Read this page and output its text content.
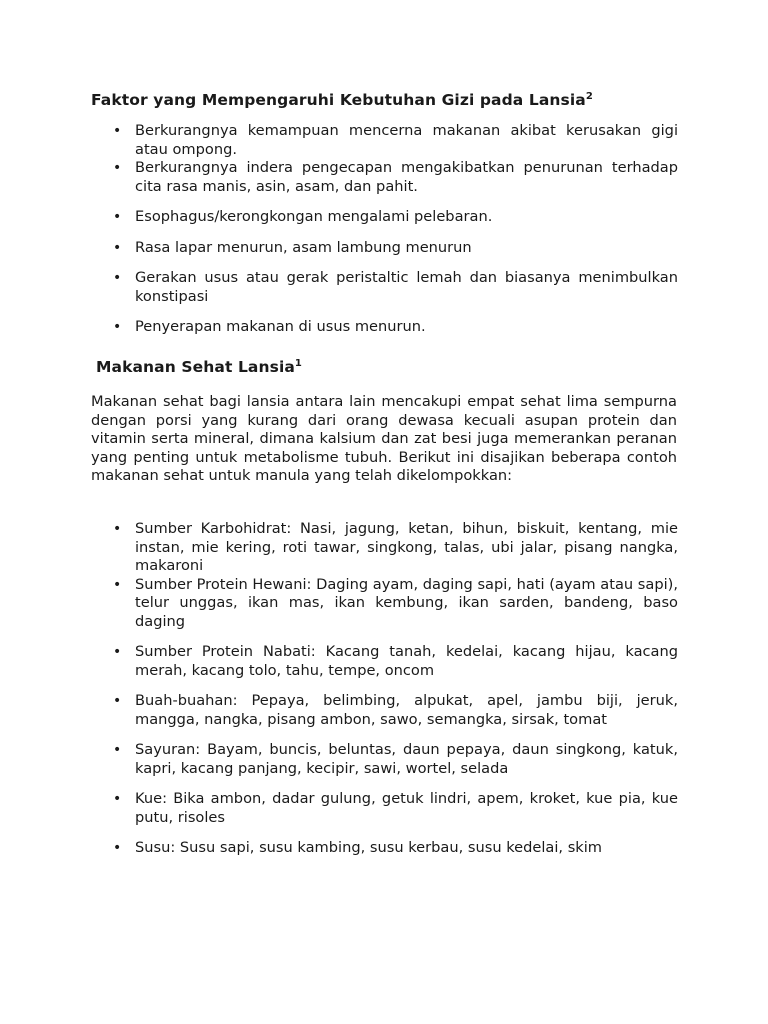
Faktor yang Mempengaruhi Kebutuhan Gizi pada Lansia$^2$
• Berkurangnya kemampuan mencerna makanan akibat kerusakan gigi atau ompong.
• Berkurangnya indera pengecapan mengakibatkan penurunan terhadap cita rasa manis, asin, asam, dan pahit.
• Esophagus/kerongkongan mengalami pelebaran.
• Rasa lapar menurun, asam lambung menurun
• Gerakan usus atau gerak peristaltic lemah dan biasanya menimbulkan konstipasi
• Penyerapan makanan di usus menurun.
Makanan Sehat Lansia$^1$

Makanan sehat bagi lansia antara lain mencakupi empat sehat lima sempurna dengan porsi yang kurang dari orang dewasa kecuali asupan protein dan vitamin serta mineral, dimana kalsium dan zat besi juga memerankan peranan yang penting untuk metabolisme tubuh. Berikut ini disajikan beberapa contoh makanan sehat untuk manula yang telah dikelompokkan:

• Sumber Karbohidrat: Nasi, jagung, ketan, bihun, biskuit, kentang, mie instan, mie kering, roti tawar, singkong, talas, ubi jalar, pisang nangka, makaroni
• Sumber Protein Hewani: Daging ayam, daging sapi, hati (ayam atau sapi), telur unggas, ikan mas, ikan kembung, ikan sarden, bandeng, baso daging
• Sumber Protein Nabati: Kacang tanah, kedelai, kacang hijau, kacang merah, kacang tolo, tahu, tempe, oncom
• Buah-buahan: Pepaya, belimbing, alpukat, apel, jambu biji, jeruk, mangga, nangka, pisang ambon, sawo, semangka, sirsak, tomat
• Sayuran: Bayam, buncis, beluntas, daun pepaya, daun singkong, katuk, kapri, kacang panjang, kecipir, sawi, wortel, selada
• Kue: Bika ambon, dadar gulung, getuk lindri, apem, kroket, kue pia, kue putu, risoles
• Susu: Susu sapi, susu kambing, susu kerbau, susu kedelai, skim
